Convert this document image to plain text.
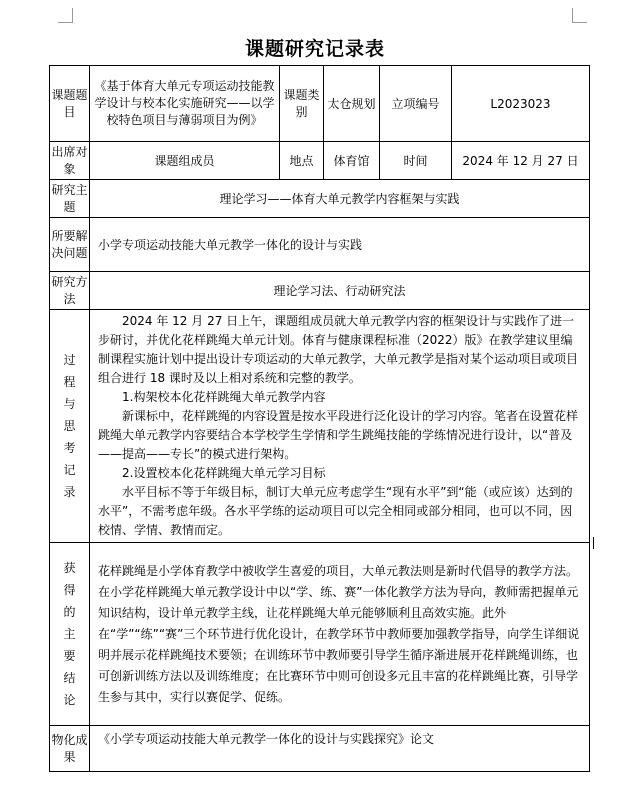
课题研究记录表
课题题目	《基于体育大单元专项运动技能教学设计与校本化实施研究——以学校特色项目与薄弱项目为例》	课题类别	太仓规划	立项编号	L2023023
出席对象	课题组成员	地点	体育馆	时间	2024 年 12 月 27 日
研究主题	理论学习——体育大单元教学内容框架与实践				
所要解决问题	小学专项运动技能大单元教学一体化的设计与实践				
研究方法	理论学习法、行动研究法				

过程与思考记录	2024 年 12 月 27 日上午，课题组成员就大单元教学内容的框架设计与实践作了进一步研讨，并优化花样跳绳大单元计划。体育与健康课程标准（2022）版》在教学建议里编制课程实施计划中提出设计专项运动的大单元教学，大单元教学是指对某个运动项目或项目组合进行 18 课时及以上相对系统和完整的教学。

1.构架校本化花样跳绳大单元教学内容

新课标中，花样跳绳的内容设置是按水平段进行泛化设计的学习内容。笔者在设置花样跳绳大单元教学内容要结合本学校学生学情和学生跳绳技能的学练情况进行设计，以“普及——提高——专长”的模式进行架构。

2.设置校本化花样跳绳大单元学习目标

水平目标不等于年级目标，制订大单元应考虑学生“现有水平”到“能（或应该）达到的水平”，不需考虑年级。各水平学练的运动项目可以完全相同或部分相同，也可以不同，因校情、学情、教情而定。				

获得的主要结论	花样跳绳是小学体育教学中被收学生喜爱的项目，大单元教法则是新时代倡导的教学方法。在小学花样跳绳大单元教学设计中以“学、练、赛”一体化教学方法为导向，教师需把握单元知识结构，设计单元教学主线，让花样跳绳大单元能够顺利且高效实施。此外在“学”“练”“赛”三个环节进行优化设计，在教学环节中教师要加强教学指导，向学生详细说明并展示花样跳绳技术要领；在训练环节中教师要引导学生循序渐进展开花样跳绳训练，也可创新训练方法以及训练维度；在比赛环节中则可创设多元且丰富的花样跳绳比赛，引导学生参与其中，实行以赛促学、促练。				
物化成果	《小学专项运动技能大单元教学一体化的设计与实践探究》论文				
